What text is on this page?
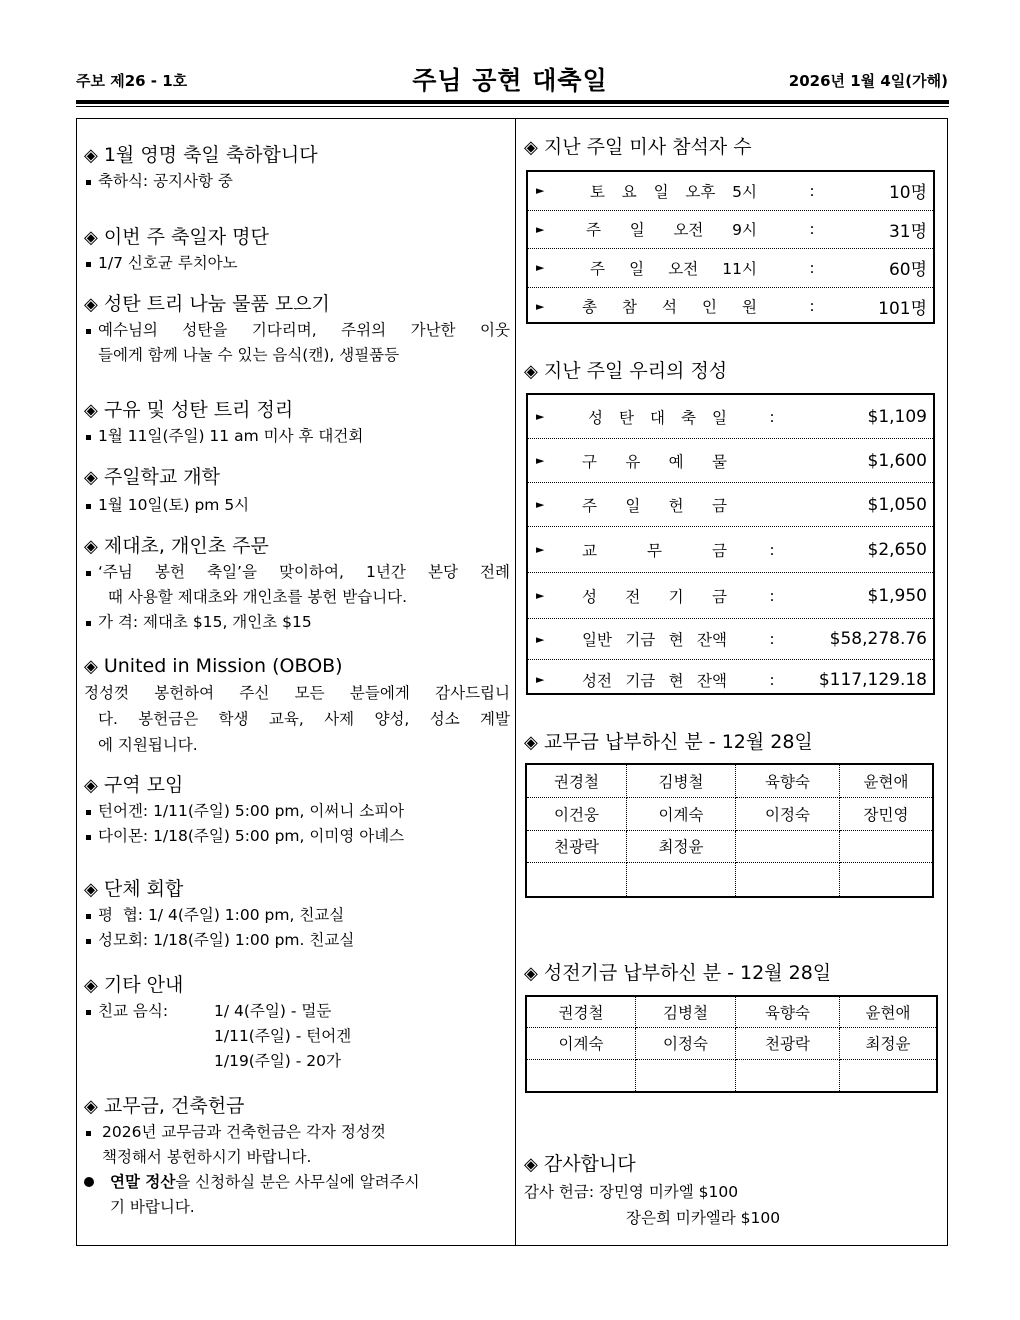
주보 제26 - 1호	주님 공현 대축일	2026년 1월 4일(가해)
◈ 1월 영명 축일 축하합니다
축하식: 공지사항 중
◈ 이번 주 축일자 명단
1/7 신호균 루치아노
◈ 성탄 트리 나눔 물품 모으기
예수님의 성탄을 기다리며, 주위의 가난한 이웃
들에게 함께 나눌 수 있는 음식(캔), 생필품등
◈ 구유 및 성탄 트리 정리
1월 11일(주일) 11 am 미사 후 대건회
◈ 주일학교 개학
1월 10일(토) pm 5시
◈ 제대초, 개인초 주문
‘주님 봉헌 축일’을 맞이하여, 1년간 본당 전례
때 사용할 제대초와 개인초를 봉헌 받습니다.
가 격: 제대초 $15, 개인초 $15
◈ United in Mission (OBOB)
정성껏 봉헌하여 주신 모든 분들에게 감사드립니
다. 봉헌금은 학생 교육, 사제 양성, 성소 계발
에 지원됩니다.
◈ 구역 모임
턴어겐: 1/11(주일) 5:00 pm, 이써니 소피아
다이몬: 1/18(주일) 5:00 pm, 이미영 아녜스
◈ 단체 회합
평  협: 1/ 4(주일) 1:00 pm, 친교실
성모회: 1/18(주일) 1:00 pm. 친교실
◈ 기타 안내
친교 음식:	1/ 4(주일) - 멀둔
1/11(주일) - 턴어겐
1/19(주일) - 20가
◈ 교무금, 건축헌금
2026년 교무금과 건축헌금은 각자 정성껏
책정해서 봉헌하시기 바랍니다.
연말 정산을 신청하실 분은 사무실에 알려주시
기 바랍니다.
◈ 지난 주일 미사 참석자 수
►	토 요 일 오후 5시	:	10명
►	주 일 오전 9시	:	31명
►	주 일 오전 11시	:	60명
►	총 참 석 인 원	:	101명
◈ 지난 주일 우리의 정성
►	성 탄 대 축 일	:	$1,109
►	구 유 예 물	$1,600
►	주 일 헌 금	$1,050
►	교	무	금	:	$2,650
►	성 전 기 금	:	$1,950
►	일반 기금 현 잔액	:	$58,278.76
►	성전 기금 현 잔액	:	$117,129.18
◈ 교무금 납부하신 분 - 12월 28일
권경철	김병철	육향숙	윤현애
이건웅	이계숙	이정숙	장민영
천광락	최정윤
◈ 성전기금 납부하신 분 - 12월 28일
권경철	김병철	육향숙	윤현애
이계숙	이정숙	천광락	최정윤
◈ 감사합니다
감사 헌금: 장민영 미카엘 $100
장은희 미카엘라 $100
